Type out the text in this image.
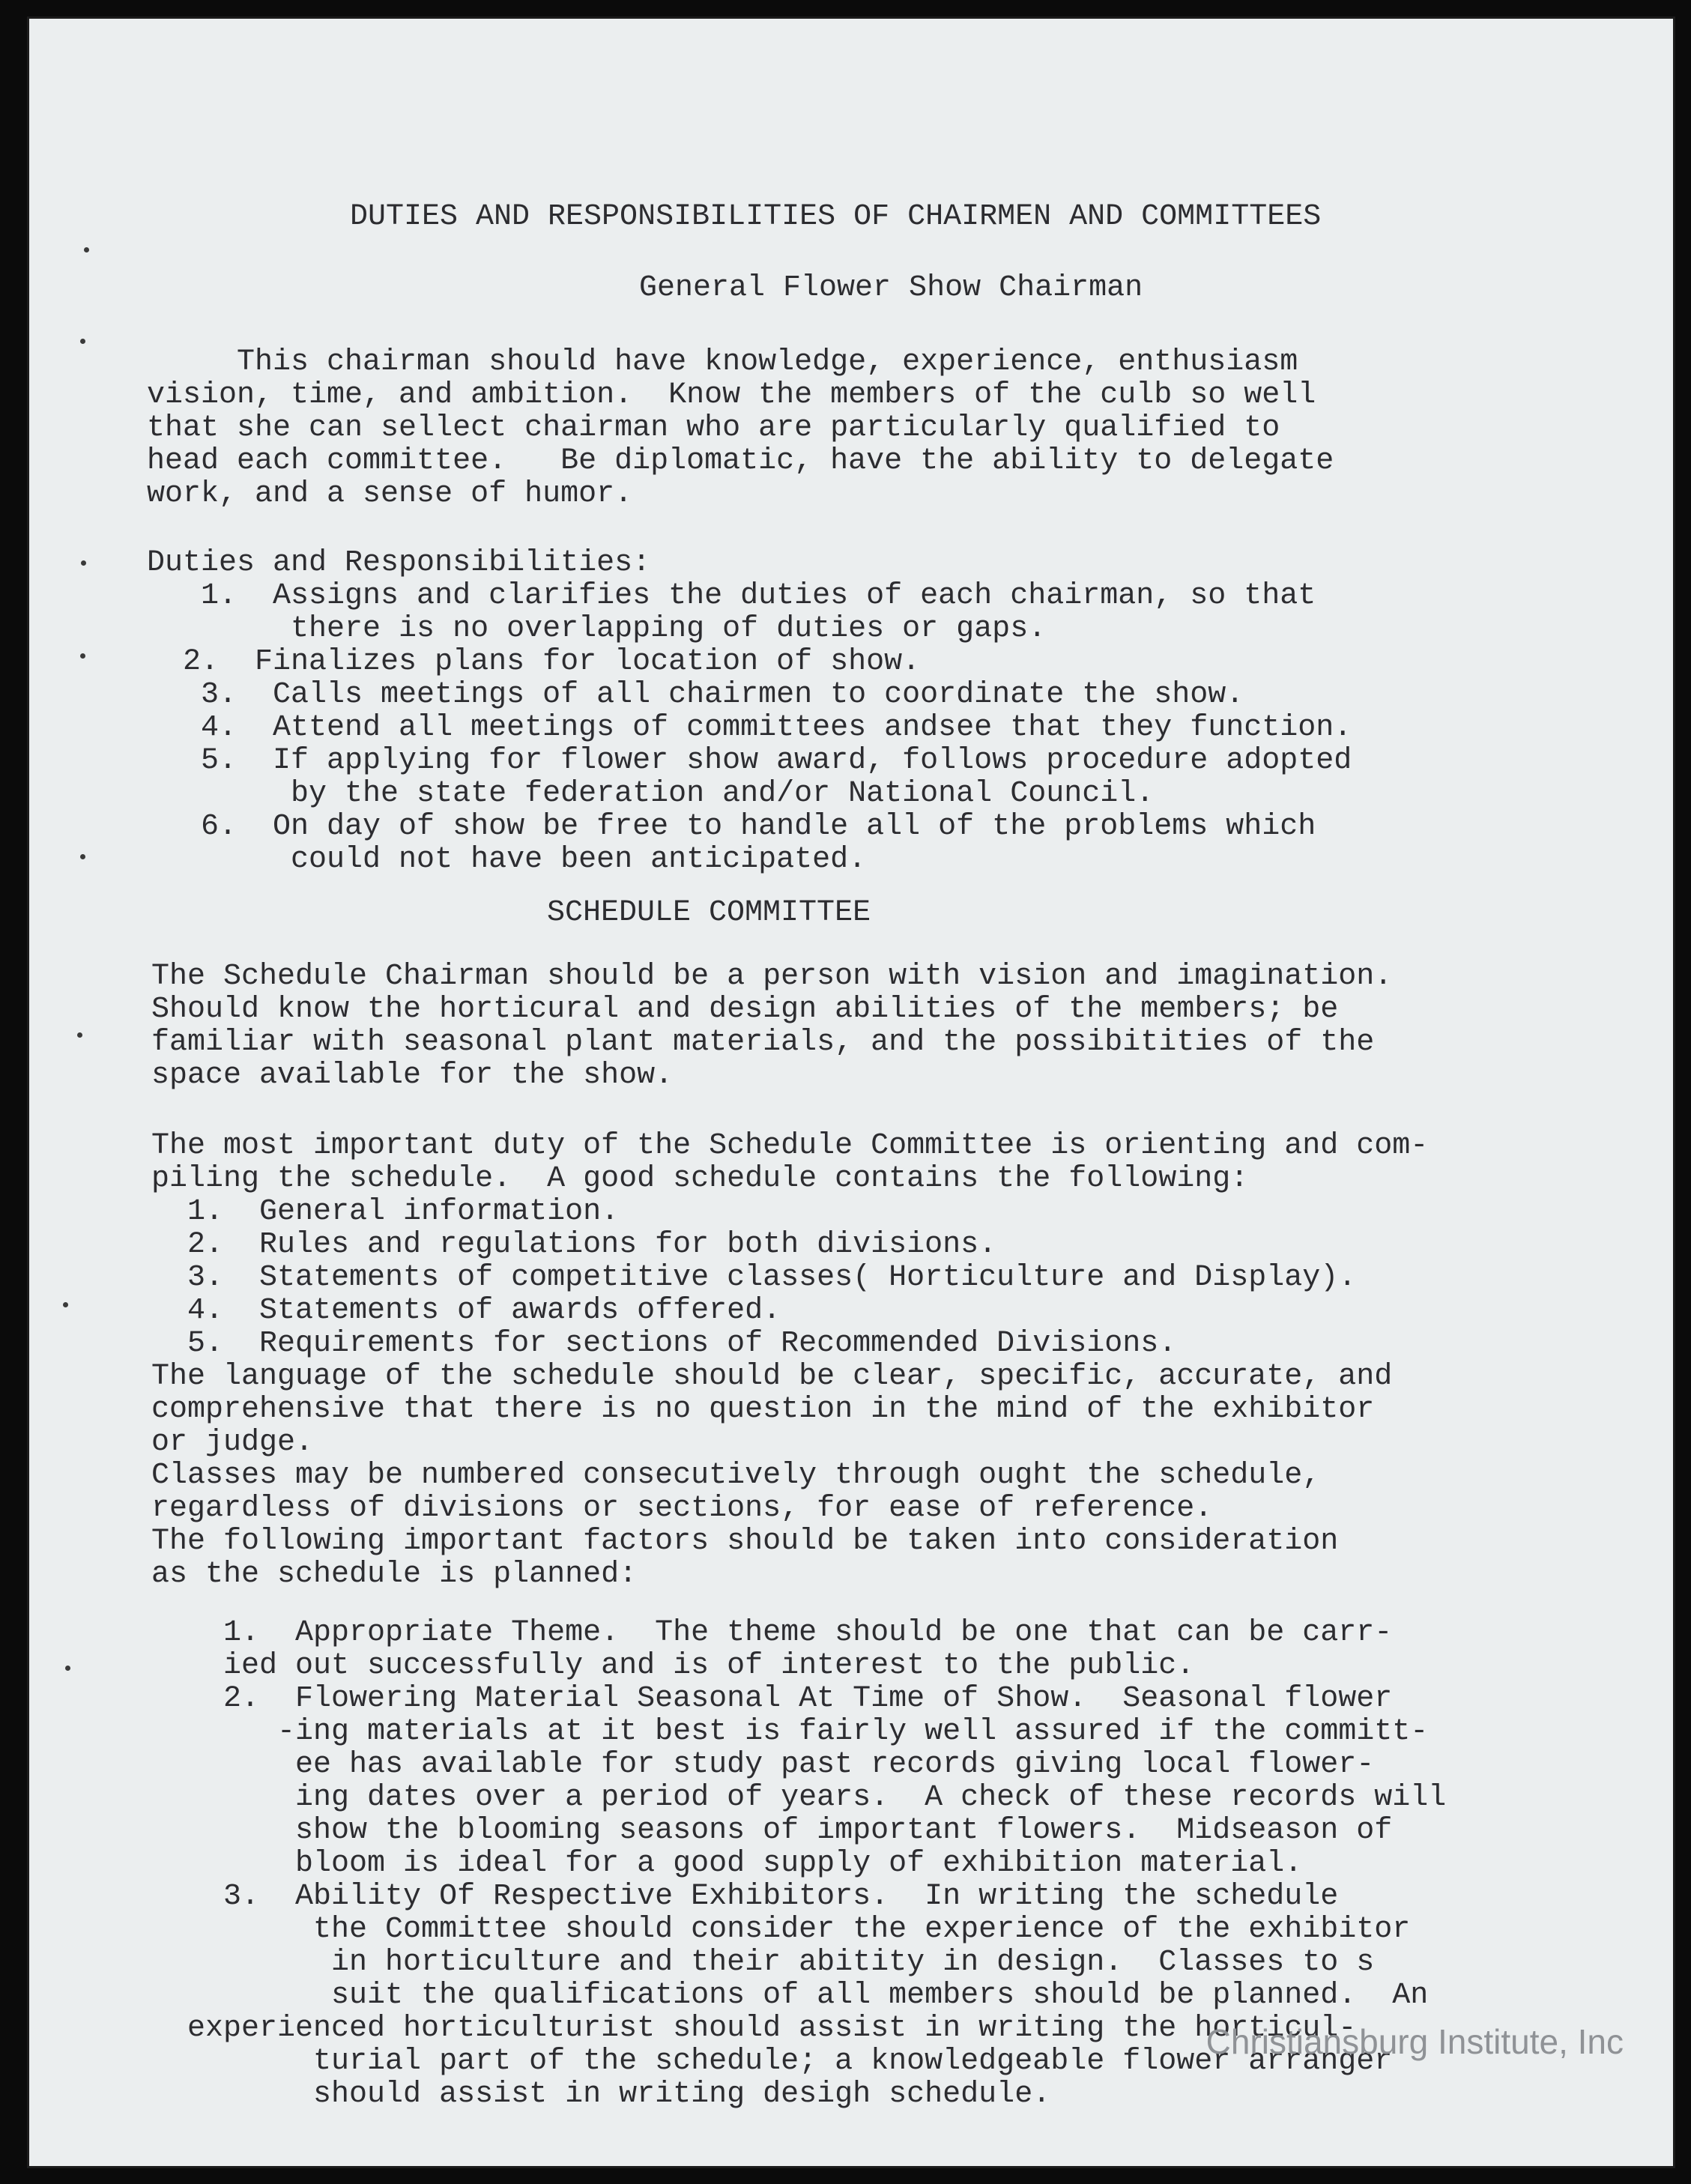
DUTIES AND RESPONSIBILITIES OF CHAIRMEN AND COMMITTEES
General Flower Show Chairman
This chairman should have knowledge, experience, enthusiasm
vision, time, and ambition.  Know the members of the culb so well
that she can sellect chairman who are particularly qualified to
head each committee.   Be diplomatic, have the ability to delegate
work, and a sense of humor.
Duties and Responsibilities:
1.  Assigns and clarifies the duties of each chairman, so that
there is no overlapping of duties or gaps.
2.  Finalizes plans for location of show.
3.  Calls meetings of all chairmen to coordinate the show.
4.  Attend all meetings of committees andsee that they function.
5.  If applying for flower show award, follows procedure adopted
by the state federation and/or National Council.
6.  On day of show be free to handle all of the problems which
could not have been anticipated.
SCHEDULE COMMITTEE
The Schedule Chairman should be a person with vision and imagination.
Should know the horticural and design abilities of the members; be
familiar with seasonal plant materials, and the possibitities of the
space available for the show.
The most important duty of the Schedule Committee is orienting and com-
piling the schedule.  A good schedule contains the following:
1.  General information.
2.  Rules and regulations for both divisions.
3.  Statements of competitive classes( Horticulture and Display).
4.  Statements of awards offered.
5.  Requirements for sections of Recommended Divisions.
The language of the schedule should be clear, specific, accurate, and
comprehensive that there is no question in the mind of the exhibitor
or judge.
Classes may be numbered consecutively through ought the schedule,
regardless of divisions or sections, for ease of reference.
The following important factors should be taken into consideration
as the schedule is planned:
1.  Appropriate Theme.  The theme should be one that can be carr-
ied out successfully and is of interest to the public.
2.  Flowering Material Seasonal At Time of Show.  Seasonal flower
-ing materials at it best is fairly well assured if the committ-
ee has available for study past records giving local flower-
ing dates over a period of years.  A check of these records will
show the blooming seasons of important flowers.  Midseason of
bloom is ideal for a good supply of exhibition material.
3.  Ability Of Respective Exhibitors.  In writing the schedule
the Committee should consider the experience of the exhibitor
in horticulture and their abitity in design.  Classes to s
suit the qualifications of all members should be planned.  An
experienced horticulturist should assist in writing the horticul-
turial part of the schedule; a knowledgeable flower arranger
should assist in writing desigh schedule.
Christiansburg Institute, Inc
